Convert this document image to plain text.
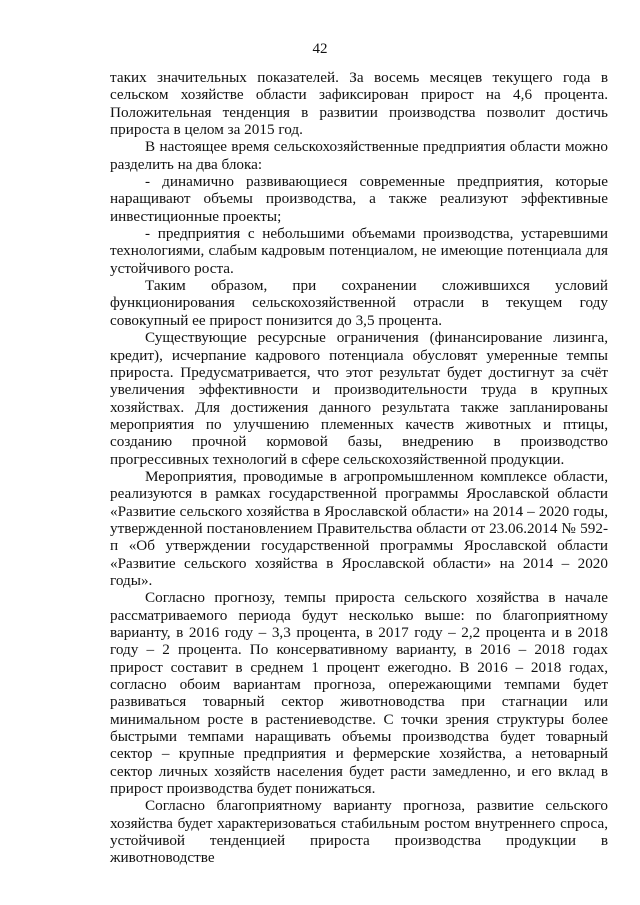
42

таких значительных показателей. За восемь месяцев текущего года в сельском хозяйстве области зафиксирован прирост на 4,6 процента. Положительная тенденция в развитии производства позволит достичь прироста в целом за 2015 год.

В настоящее время сельскохозяйственные предприятия области можно разделить на два блока:

- динамично развивающиеся современные предприятия, которые наращивают объемы производства, а также реализуют эффективные инвестиционные проекты;

- предприятия с небольшими объемами производства, устаревшими технологиями, слабым кадровым потенциалом, не имеющие потенциала для устойчивого роста.

Таким образом, при сохранении сложившихся условий функционирования сельскохозяйственной отрасли в текущем году совокупный ее прирост понизится до 3,5 процента.

Существующие ресурсные ограничения (финансирование лизинга, кредит), исчерпание кадрового потенциала обусловят умеренные темпы прироста. Предусматривается, что этот результат будет достигнут за счёт увеличения эффективности и производительности труда в крупных хозяйствах. Для достижения данного результата также запланированы мероприятия по улучшению племенных качеств животных и птицы, созданию прочной кормовой базы, внедрению в производство прогрессивных технологий в сфере сельскохозяйственной продукции.

Мероприятия, проводимые в агропромышленном комплексе области, реализуются в рамках государственной программы Ярославской области «Развитие сельского хозяйства в Ярославской области» на 2014 – 2020 годы, утвержденной постановлением Правительства области от 23.06.2014 № 592-п «Об утверждении государственной программы Ярославской области «Развитие сельского хозяйства в Ярославской области» на 2014 – 2020 годы».

Согласно прогнозу, темпы прироста сельского хозяйства в начале рассматриваемого периода будут несколько выше: по благоприятному варианту, в 2016 году – 3,3 процента, в 2017 году – 2,2 процента и в 2018 году – 2 процента. По консервативному варианту, в 2016 – 2018 годах прирост составит в среднем 1 процент ежегодно. В 2016 – 2018 годах, согласно обоим вариантам прогноза, опережающими темпами будет развиваться товарный сектор животноводства при стагнации или минимальном росте в растениеводстве. С точки зрения структуры более быстрыми темпами наращивать объемы производства будет товарный сектор – крупные предприятия и фермерские хозяйства, а нетоварный сектор личных хозяйств населения будет расти замедленно, и его вклад в прирост производства будет понижаться.

Согласно благоприятному варианту прогноза, развитие сельского хозяйства будет характеризоваться стабильным ростом внутреннего спроса, устойчивой тенденцией прироста производства продукции в животноводстве
